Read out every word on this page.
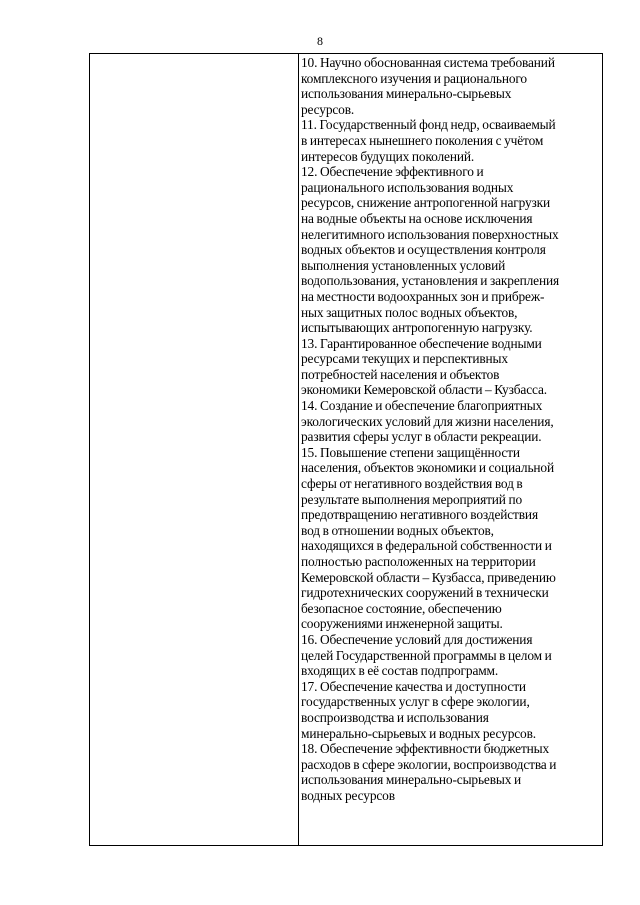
8

10. Научно обоснованная система требований
комплексного изучения и рационального
использования минерально-сырьевых
ресурсов.
11. Государственный фонд недр, осваиваемый
в интересах нынешнего поколения с учётом
интересов будущих поколений.
12. Обеспечение эффективного и
рационального использования водных
ресурсов, снижение антропогенной нагрузки
на водные объекты на основе исключения
нелегитимного использования поверхностных
водных объектов и осуществления контроля
выполнения установленных условий
водопользования, установления и закрепления
на местности водоохранных зон и прибреж-
ных защитных полос водных объектов,
испытывающих антропогенную нагрузку.
13. Гарантированное обеспечение водными
ресурсами текущих и перспективных
потребностей населения и объектов
экономики Кемеровской области – Кузбасса.
14. Создание и обеспечение благоприятных
экологических условий для жизни населения,
развития сферы услуг в области рекреации.
15. Повышение степени защищённости
населения, объектов экономики и социальной
сферы от негативного воздействия вод в
результате выполнения мероприятий по
предотвращению негативного воздействия
вод в отношении водных объектов,
находящихся в федеральной собственности и
полностью расположенных на территории
Кемеровской области – Кузбасса, приведению
гидротехнических сооружений в технически
безопасное состояние, обеспечению
сооружениями инженерной защиты.
16. Обеспечение условий для достижения
целей Государственной программы в целом и
входящих в её состав подпрограмм.
17. Обеспечение качества и доступности
государственных услуг в сфере экологии,
воспроизводства и использования
минерально-сырьевых и водных ресурсов.
18. Обеспечение эффективности бюджетных
расходов в сфере экологии, воспроизводства и
использования минерально-сырьевых и
водных ресурсов
